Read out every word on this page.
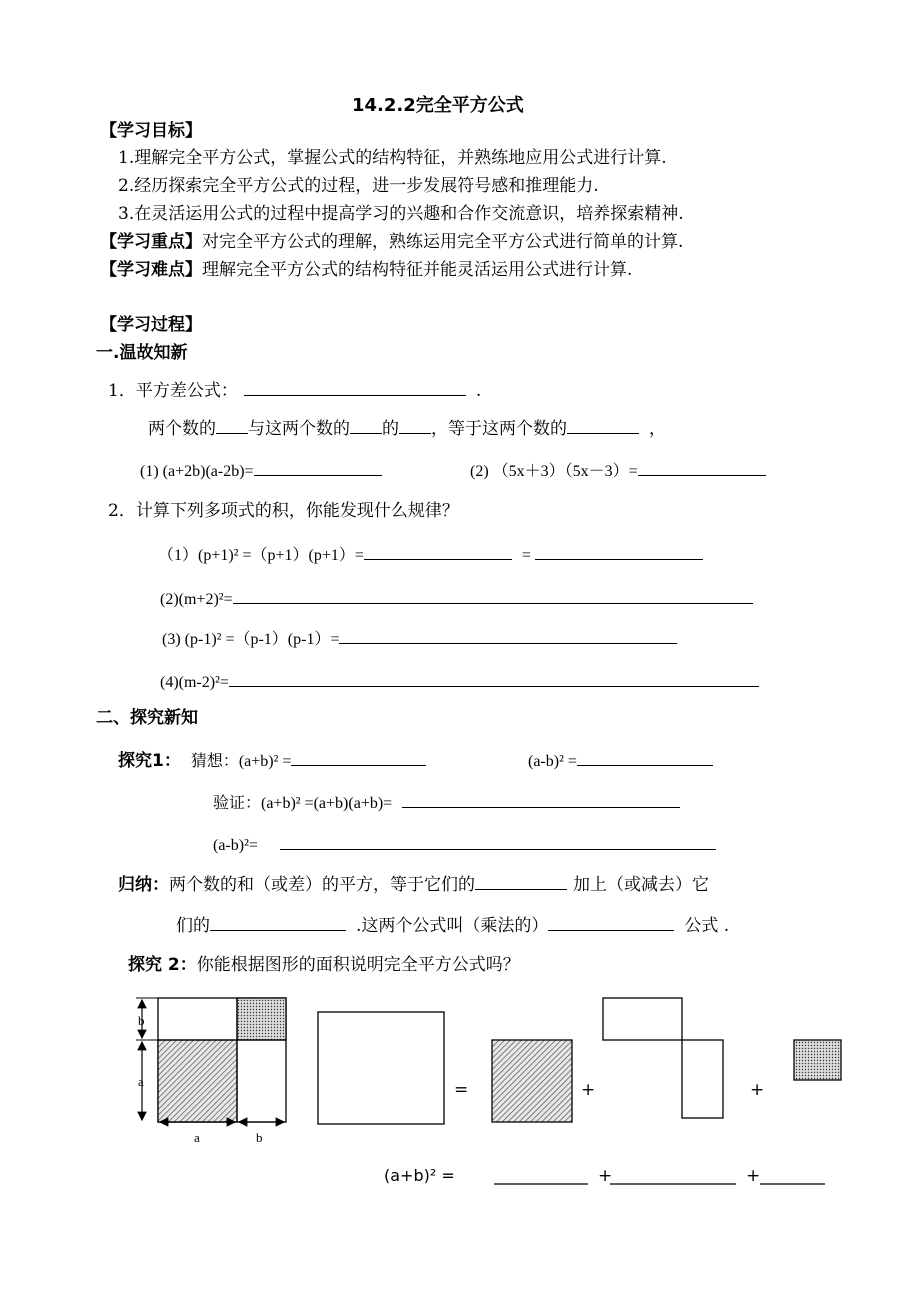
14.2.2完全平方公式
【学习目标】
1.理解完全平方公式，掌握公式的结构特征，并熟练地应用公式进行计算.
2.经历探索完全平方公式的过程，进一步发展符号感和推理能力.
3.在灵活运用公式的过程中提高学习的兴趣和合作交流意识，培养探索精神.
【学习重点】对完全平方公式的理解，熟练运用完全平方公式进行简单的计算.
【学习难点】理解完全平方公式的结构特征并能灵活运用公式进行计算.
【学习过程】
一.温故知新
1．平方差公式：	.
两个数的 与这两个数的 的 ，等于这两个数的	，
(1) (a+2b)(a-2b)=	(2) （5x＋3）（5x－3）=
2．计算下列多项式的积，你能发现什么规律？
（1）(p+1)² =（p+1）(p+1）=	=
(2)(m+2)²=
(3) (p-1)² =（p-1）(p-1）=
(4)(m-2)²=
二、探究新知
探究1： 猜想：(a+b)² =	(a-b)² =
验证：(a+b)² =(a+b)(a+b)=
(a-b)²=
归纳：两个数的和（或差）的平方，等于它们的	加上（或减去）它
们的	.这两个公式叫（乘法的）	公式 .
探究 2：你能根据图形的面积说明完全平方公式吗？
b
a
a	b
=	+	+
(a+b)² =	+	+
